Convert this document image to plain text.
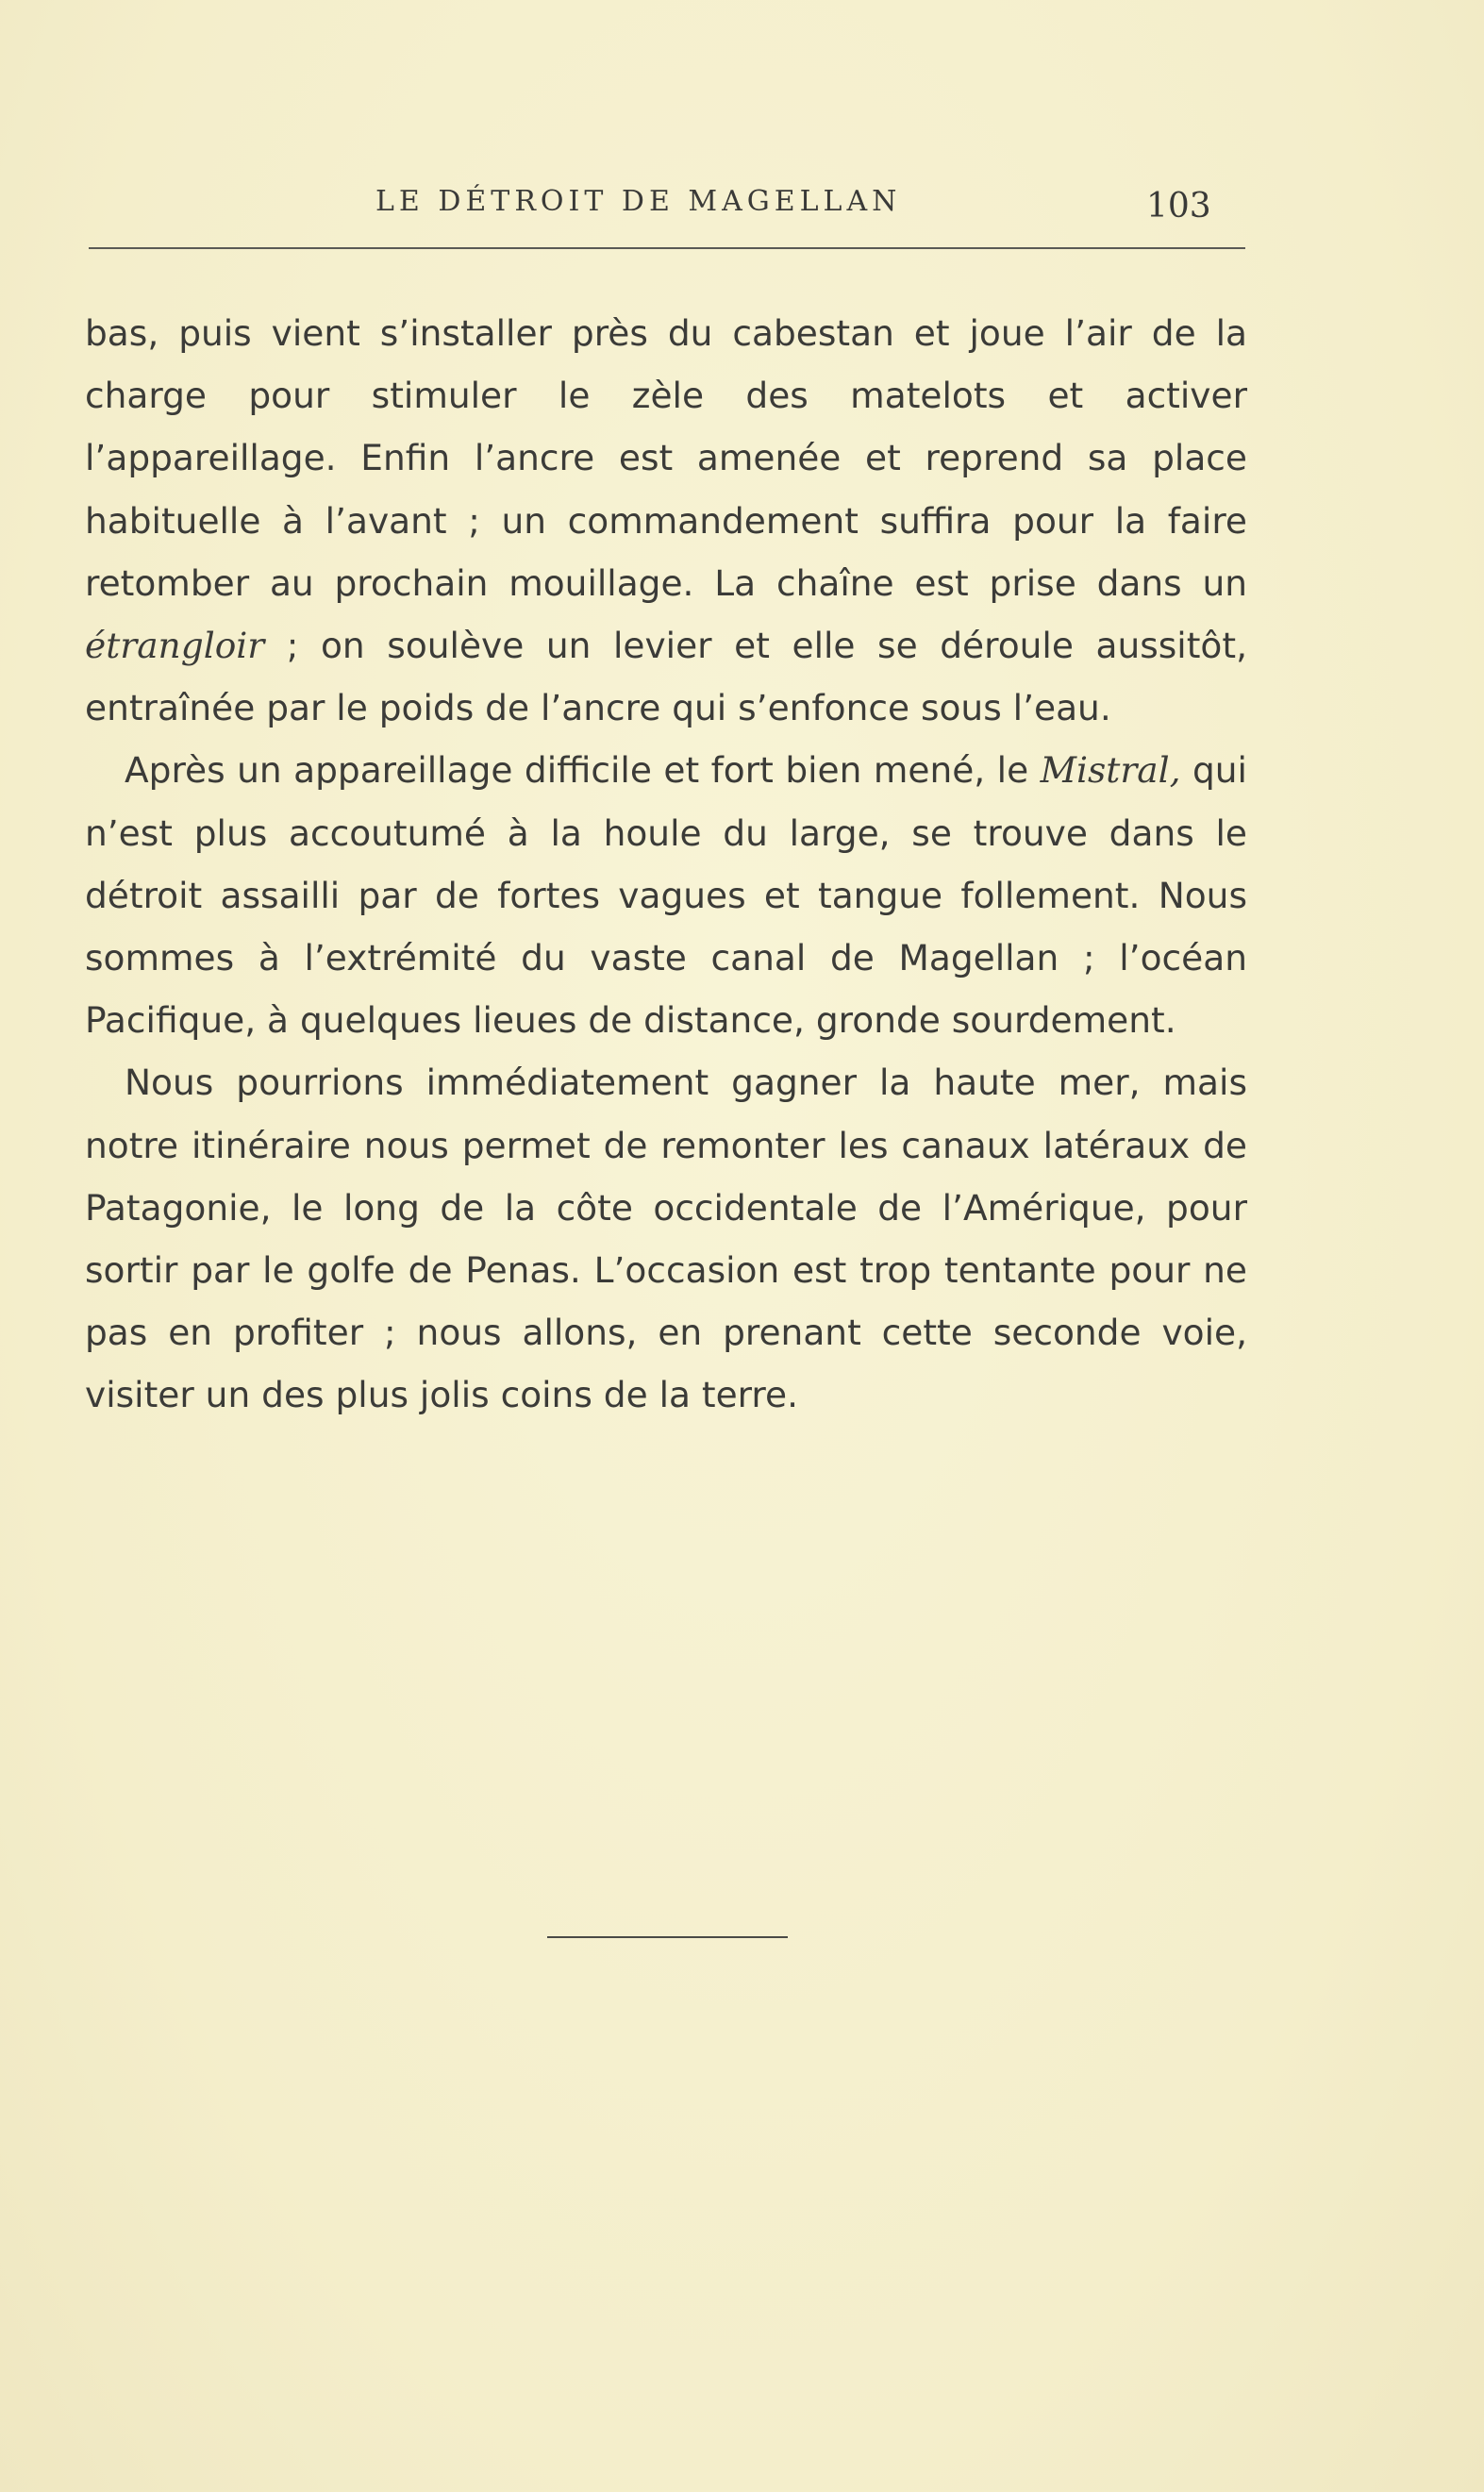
LE DÉTROIT DE MAGELLAN	103

bas, puis vient s’installer près du cabestan et joue l’air de la charge pour stimuler le zèle des matelots et activer l’appareillage. Enfin l’ancre est amenée et reprend sa place habituelle à l’avant ; un commandement suffira pour la faire retomber au prochain mouillage. La chaîne est prise dans un étrangloir ; on soulève un levier et elle se déroule aussitôt, entraînée par le poids de l’ancre qui s’enfonce sous l’eau.

Après un appareillage difficile et fort bien mené, le Mistral, qui n’est plus accoutumé à la houle du large, se trouve dans le détroit assailli par de fortes vagues et tangue follement. Nous sommes à l’extrémité du vaste canal de Magellan ; l’océan Pacifique, à quelques lieues de distance, gronde sourdement.

Nous pourrions immédiatement gagner la haute mer, mais notre itinéraire nous permet de remonter les canaux latéraux de Patagonie, le long de la côte occidentale de l’Amérique, pour sortir par le golfe de Penas. L’occasion est trop tentante pour ne pas en profiter ; nous allons, en prenant cette seconde voie, visiter un des plus jolis coins de la terre.
